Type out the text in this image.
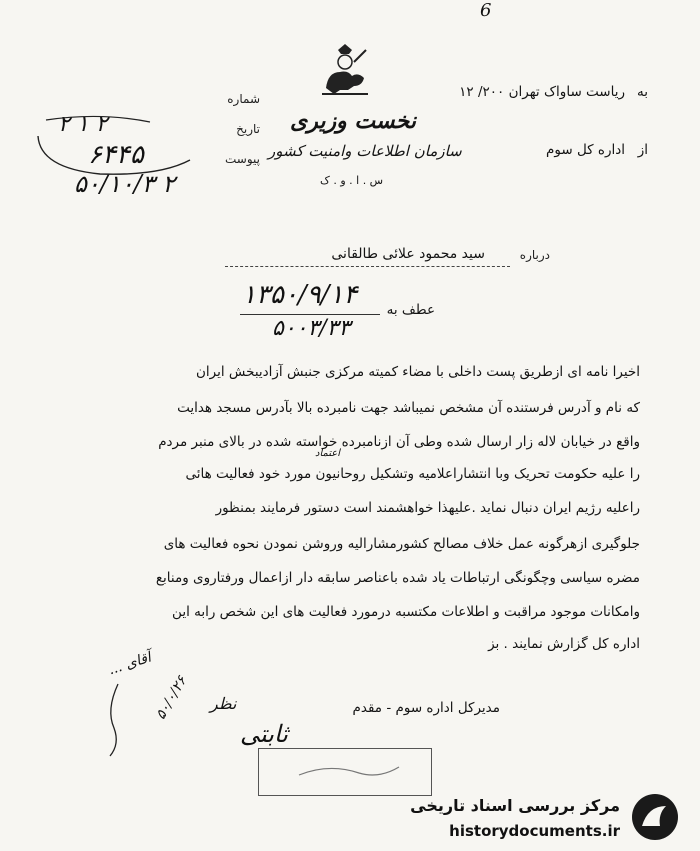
6
شماره
تاریخ
پیوست
۲ ۱ ۲
۶۴۴۵
۵۰/۱۰/۳ ۲
نخست وزیری
سازمان اطلاعات وامنیت کشور
س . ا . و . ک
به
ریاست ساواک تهران ۲۰۰/ ۱۲
از
اداره کل سوم
درباره
سید محمود علائی طالقانی
عطف به
۱۳۵۰/۹/۱۴
۵۰۰۳/۳۳
اخیرا نامه ای ازطریق پست داخلی با مضاء کمیته مرکزی جنبش آزادیبخش ایران
که نام و آدرس فرستنده آن مشخص نمیباشد جهت نامبرده بالا بآدرس مسجد هدایت
واقع در خیابان لاله زار ارسال شده وطی آن ازنامبرده خواسته شده در بالای منبر مردم
اعتماد
را علیه حکومت تحریک وبا انتشاراعلامیه وتشکیل روحانیون مورد خود فعالیت هائی
راعلیه رژیم ایران دنبال نماید .علیهذا خواهشمند است دستور فرمایند بمنظور
جلوگیری ازهرگونه عمل خلاف مصالح کشورمشارالیه وروشن نمودن نحوه فعالیت های
مضره سیاسی وچگونگی ارتباطات یاد شده باعناصر سابقه دار ازاعمال ورفتاروی ومنابع
وامکانات موجود مراقبت و اطلاعات مکتسبه درمورد فعالیت های این شخص رابه این
اداره کل گزارش نمایند . بز
آقای ...
۵۰/۰/۲۶	مدیرکل اداره سوم - مقدم
ثابتی
نظر
مرکز بررسی اسناد تاریخی
historydocuments.ir
